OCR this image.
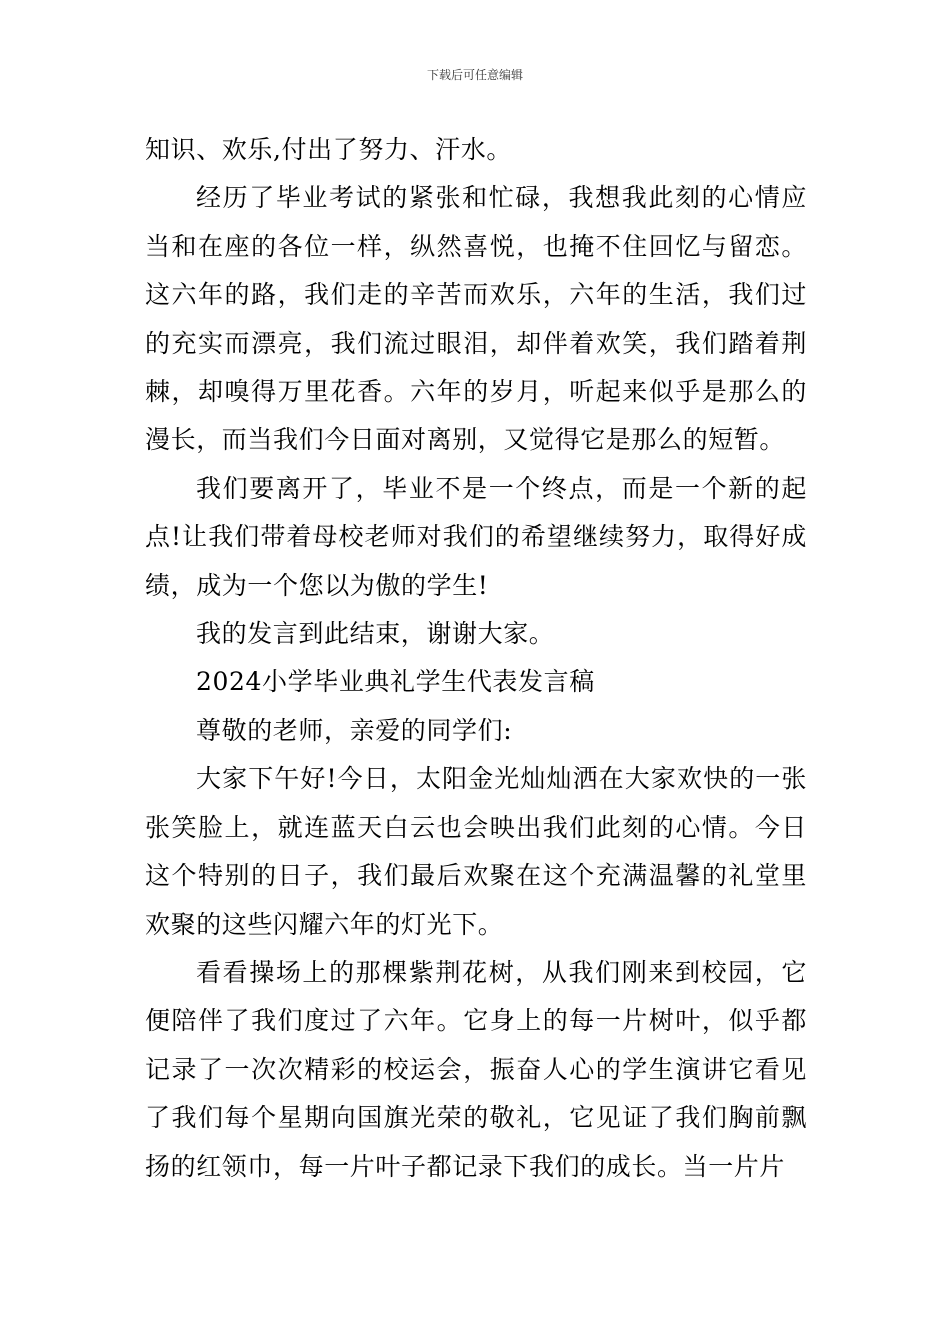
下载后可任意编辑

知识、欢乐,付出了努力、汗水。

经历了毕业考试的紧张和忙碌，我想我此刻的心情应当和在座的各位一样，纵然喜悦，也掩不住回忆与留恋。这六年的路，我们走的辛苦而欢乐，六年的生活，我们过的充实而漂亮，我们流过眼泪，却伴着欢笑，我们踏着荆棘，却嗅得万里花香。六年的岁月，听起来似乎是那么的漫长，而当我们今日面对离别，又觉得它是那么的短暂。

我们要离开了，毕业不是一个终点，而是一个新的起点!让我们带着母校老师对我们的希望继续努力，取得好成绩，成为一个您以为傲的学生!

我的发言到此结束，谢谢大家。

2024小学毕业典礼学生代表发言稿

尊敬的老师，亲爱的同学们:

大家下午好!今日，太阳金光灿灿洒在大家欢快的一张张笑脸上，就连蓝天白云也会映出我们此刻的心情。今日这个特别的日子，我们最后欢聚在这个充满温馨的礼堂里欢聚的这些闪耀六年的灯光下。

看看操场上的那棵紫荆花树，从我们刚来到校园，它便陪伴了我们度过了六年。它身上的每一片树叶，似乎都记录了一次次精彩的校运会，振奋人心的学生演讲它看见了我们每个星期向国旗光荣的敬礼，它见证了我们胸前飘扬的红领巾，每一片叶子都记录下我们的成长。当一片片
